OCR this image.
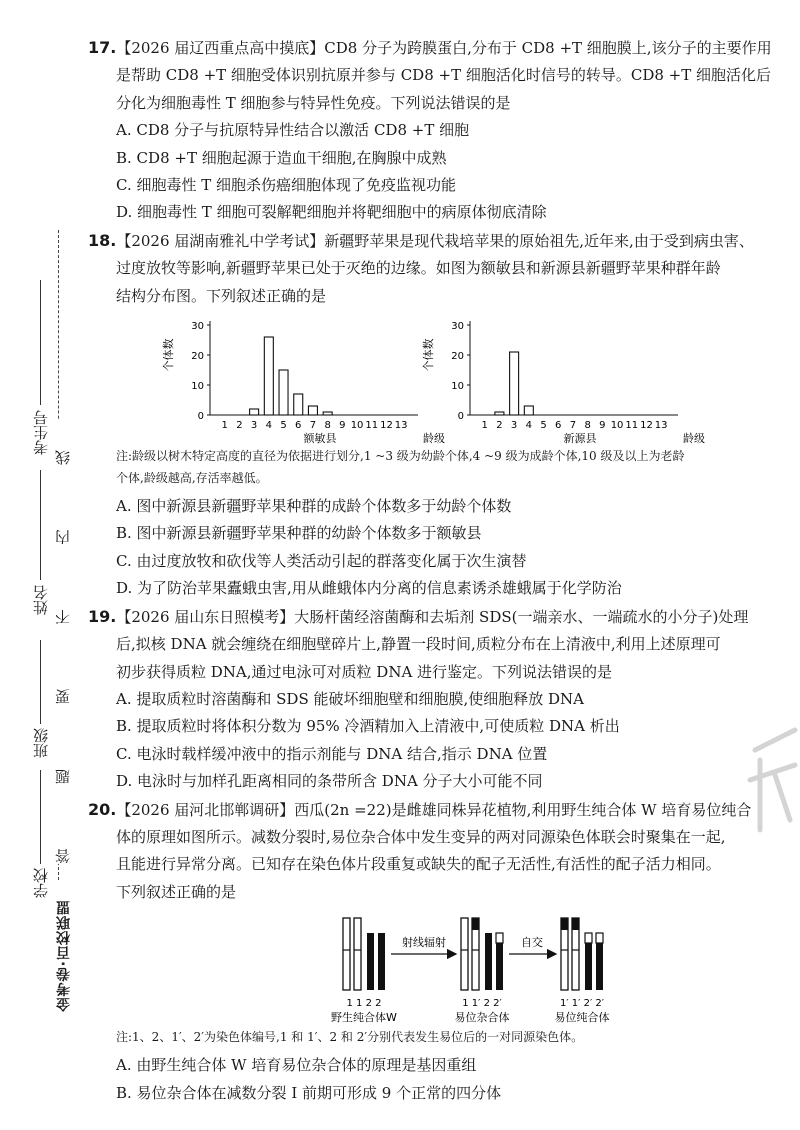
考生号
姓名
班级
学校
答 题 要 不 内 线
金考卷·百校联盟

17.【2026 届辽西重点高中摸底】CD8 分子为跨膜蛋白,分布于 CD8 +T 细胞膜上,该分子的主要作用

是帮助 CD8 +T 细胞受体识别抗原并参与 CD8 +T 细胞活化时信号的转导。CD8 +T 细胞活化后

分化为细胞毒性 T 细胞参与特异性免疫。下列说法错误的是

A. CD8 分子与抗原特异性结合以激活 CD8 +T 细胞

B. CD8 +T 细胞起源于造血干细胞,在胸腺中成熟

C. 细胞毒性 T 细胞杀伤癌细胞体现了免疫监视功能

D. 细胞毒性 T 细胞可裂解靶细胞并将靶细胞中的病原体彻底清除

18.【2026 届湖南雅礼中学考试】新疆野苹果是现代栽培苹果的原始祖先,近年来,由于受到病虫害、

过度放牧等影响,新疆野苹果已处于灭绝的边缘。如图为额敏县和新源县新疆野苹果种群年龄

结构分布图。下列叙述正确的是

个体数
0
10
20
30
1 2 3 4 5 6 7 8 9 10 11 12 13
额敏县	龄级
个体数
0
10
20
30
1 2 3 4 5 6 7 8 9 10 11 12 13
新源县	龄级

注:龄级以树木特定高度的直径为依据进行划分,1 ~3 级为幼龄个体,4 ~9 级为成龄个体,10 级及以上为老龄

个体,龄级越高,存活率越低。

A. 图中新源县新疆野苹果种群的成龄个体数多于幼龄个体数

B. 图中新源县新疆野苹果种群的幼龄个体数多于额敏县

C. 由过度放牧和砍伐等人类活动引起的群落变化属于次生演替

D. 为了防治苹果蠹蛾虫害,用从雌蛾体内分离的信息素诱杀雄蛾属于化学防治

19.【2026 届山东日照模考】大肠杆菌经溶菌酶和去垢剂 SDS(一端亲水、一端疏水的小分子)处理

后,拟核 DNA 就会缠绕在细胞壁碎片上,静置一段时间,质粒分布在上清液中,利用上述原理可

初步获得质粒 DNA,通过电泳可对质粒 DNA 进行鉴定。下列说法错误的是

A. 提取质粒时溶菌酶和 SDS 能破坏细胞壁和细胞膜,使细胞释放 DNA

B. 提取质粒时将体积分数为 95% 冷酒精加入上清液中,可使质粒 DNA 析出

C. 电泳时载样缓冲液中的指示剂能与 DNA 结合,指示 DNA 位置

D. 电泳时与加样孔距离相同的条带所含 DNA 分子大小可能不同

20.【2026 届河北邯郸调研】西瓜(2n =22)是雌雄同株异花植物,利用野生纯合体 W 培育易位纯合

体的原理如图所示。减数分裂时,易位杂合体中发生变异的两对同源染色体联会时聚集在一起,

且能进行异常分离。已知存在染色体片段重复或缺失的配子无活性,有活性的配子活力相同。

下列叙述正确的是

射线辐射	自交
1 1 2 2	1 1′ 2 2′	1′ 1′ 2′ 2′
野生纯合体W	易位杂合体	易位纯合体

注:1、2、1′、2′为染色体编号,1 和 1′、2 和 2′分别代表发生易位后的一对同源染色体。

A. 由野生纯合体 W 培育易位杂合体的原理是基因重组

B. 易位杂合体在减数分裂 Ⅰ 前期可形成 9 个正常的四分体
